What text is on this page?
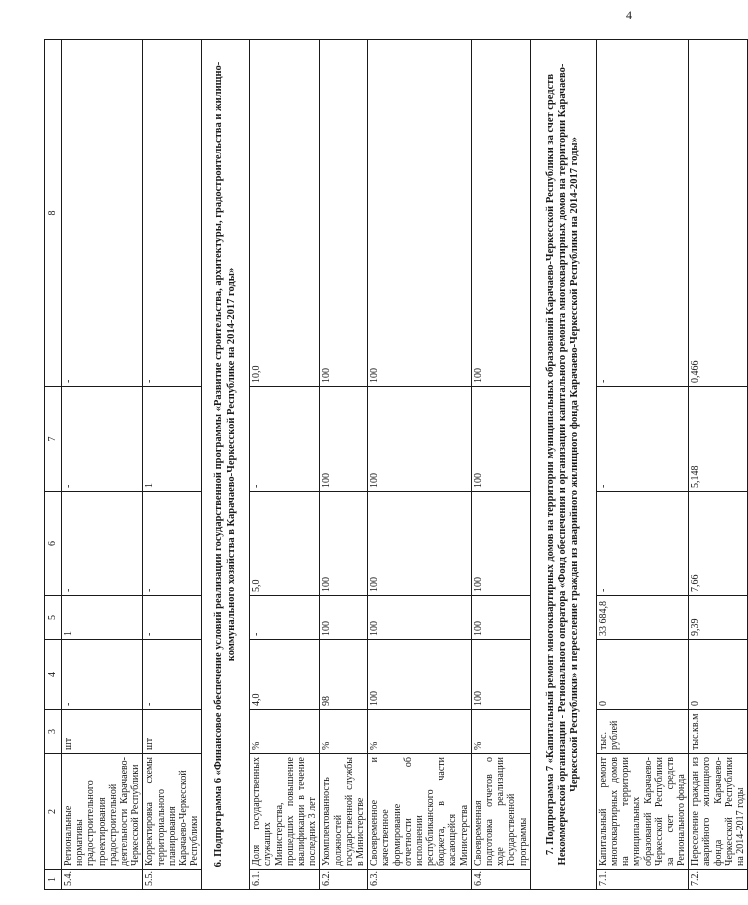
4
1	2	3	4	5	6	7	8
5.4.	Региональные нормативы градостроительного проектирования градостроительной деятельности Карачаево-Черкесской Республики	шт	-	1	-	-	-
5.5.	Корректировка схемы территориального планирования Карачаево-Черкесской Республики	шт	-	-	-	1	-
6. Подпрограмма 6 «Финансовое обеспечение условий реализации государственной программы «Развитие строительства, архитектуры, градостроительства и жилищно-коммунального хозяйства в Карачаево-Черкесской Республике на 2014-2017 годы»							
6.1.	Доля государственных служащих Министерства, прошедших повышение квалификации в течение последних 3 лет	%	4,0	-	5,0	-	10,0
6.2.	Укомплектованность должностей государственной службы в Министерстве	%	98	100	100	100	100
6.3.	Своевременное и качественное формирование отчетности об исполнении республиканского бюджета, в части касающейся Министерства	%	100	100	100	100	100
6.4.	Своевременная подготовка отчетов о ходе реализации Государственной программы	%	100	100	100	100	100
7. Подпрограмма 7 «Капитальный ремонт многоквартирных домов на территории муниципальных образований Карачаево-Черкесской Республики за счет средств Некоммерческой организации - Регионального оператора «Фонд обеспечения и организации капитального ремонта многоквартирных домов на территории Карачаево-Черкесской Республики» и переселение граждан из аварийного жилищного фонда Карачаево-Черкесской Республики на 2014-2017 годы»							
7.1.	Капитальный ремонт многоквартирных домов на территории муниципальных образований Карачаево-Черкесской Республики за счет средств Регионального фонда	тыс. рублей	0	33 684,8	-	-	-
7.2.	Переселение граждан из аварийного жилищного фонда Карачаево-Черкесской Республики на 2014-2017 годы	тыс.кв.м	0	9,39	7,66	5,148	0,466
